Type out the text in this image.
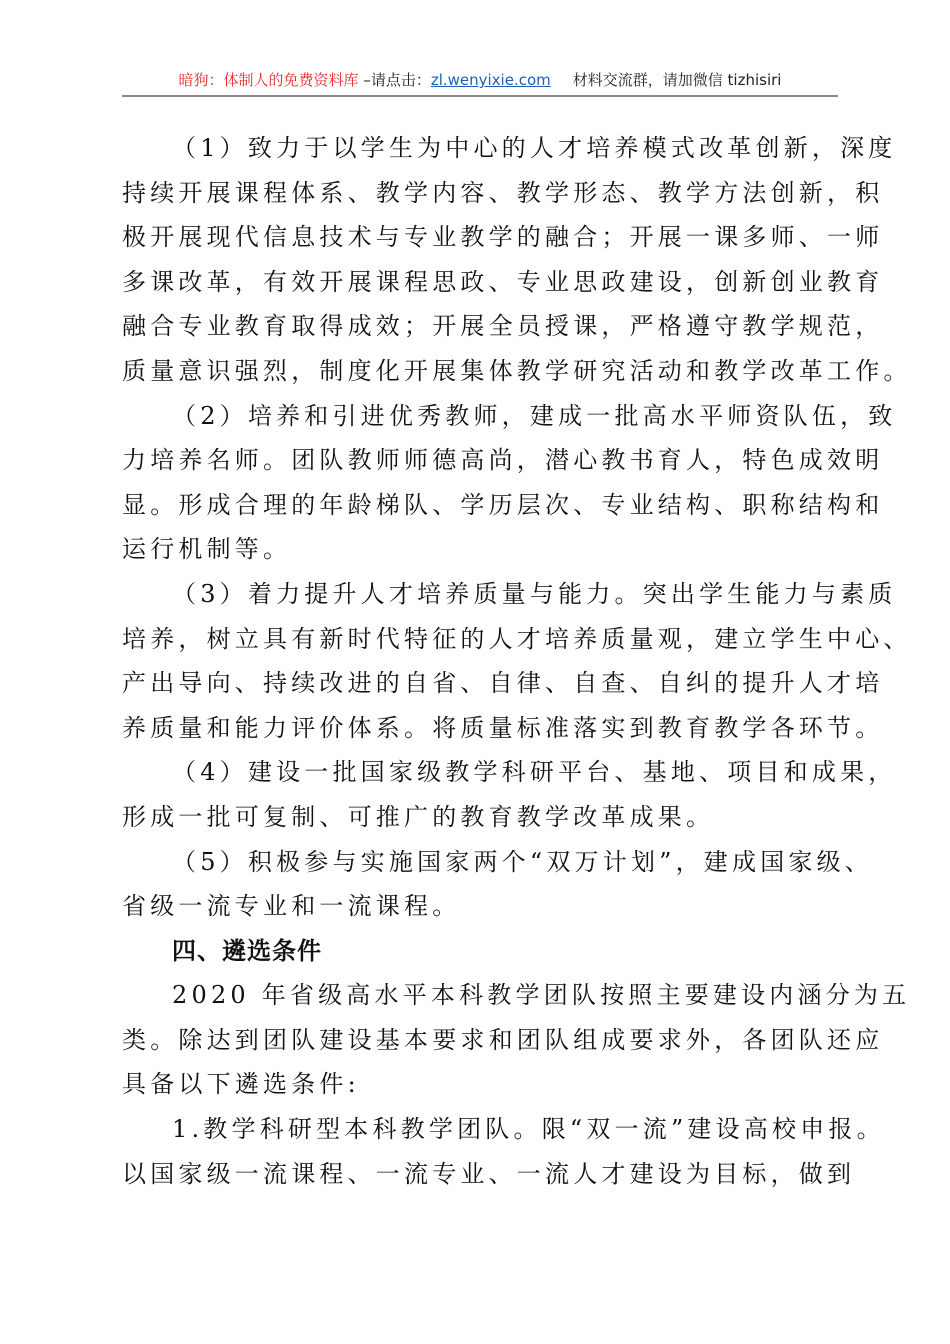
暗狗：体制人的免费资料库 –请点击：zl.wenyixie.com 材料交流群，请加微信 tizhisiri
（1）致力于以学生为中心的人才培养模式改革创新，深度
持续开展课程体系、教学内容、教学形态、教学方法创新，积
极开展现代信息技术与专业教学的融合；开展一课多师、一师
多课改革，有效开展课程思政、专业思政建设，创新创业教育
融合专业教育取得成效；开展全员授课，严格遵守教学规范，
质量意识强烈，制度化开展集体教学研究活动和教学改革工作。
（2）培养和引进优秀教师，建成一批高水平师资队伍，致
力培养名师。团队教师师德高尚，潜心教书育人，特色成效明
显。形成合理的年龄梯队、学历层次、专业结构、职称结构和
运行机制等。
（3）着力提升人才培养质量与能力。突出学生能力与素质
培养，树立具有新时代特征的人才培养质量观，建立学生中心、
产出导向、持续改进的自省、自律、自查、自纠的提升人才培
养质量和能力评价体系。将质量标准落实到教育教学各环节。
（4）建设一批国家级教学科研平台、基地、项目和成果，
形成一批可复制、可推广的教育教学改革成果。
（5）积极参与实施国家两个“双万计划”，建成国家级、
省级一流专业和一流课程。
四、遴选条件
2020 年省级高水平本科教学团队按照主要建设内涵分为五
类。除达到团队建设基本要求和团队组成要求外，各团队还应
具备以下遴选条件:
1.教学科研型本科教学团队。限“双一流”建设高校申报。
以国家级一流课程、一流专业、一流人才建设为目标，做到
